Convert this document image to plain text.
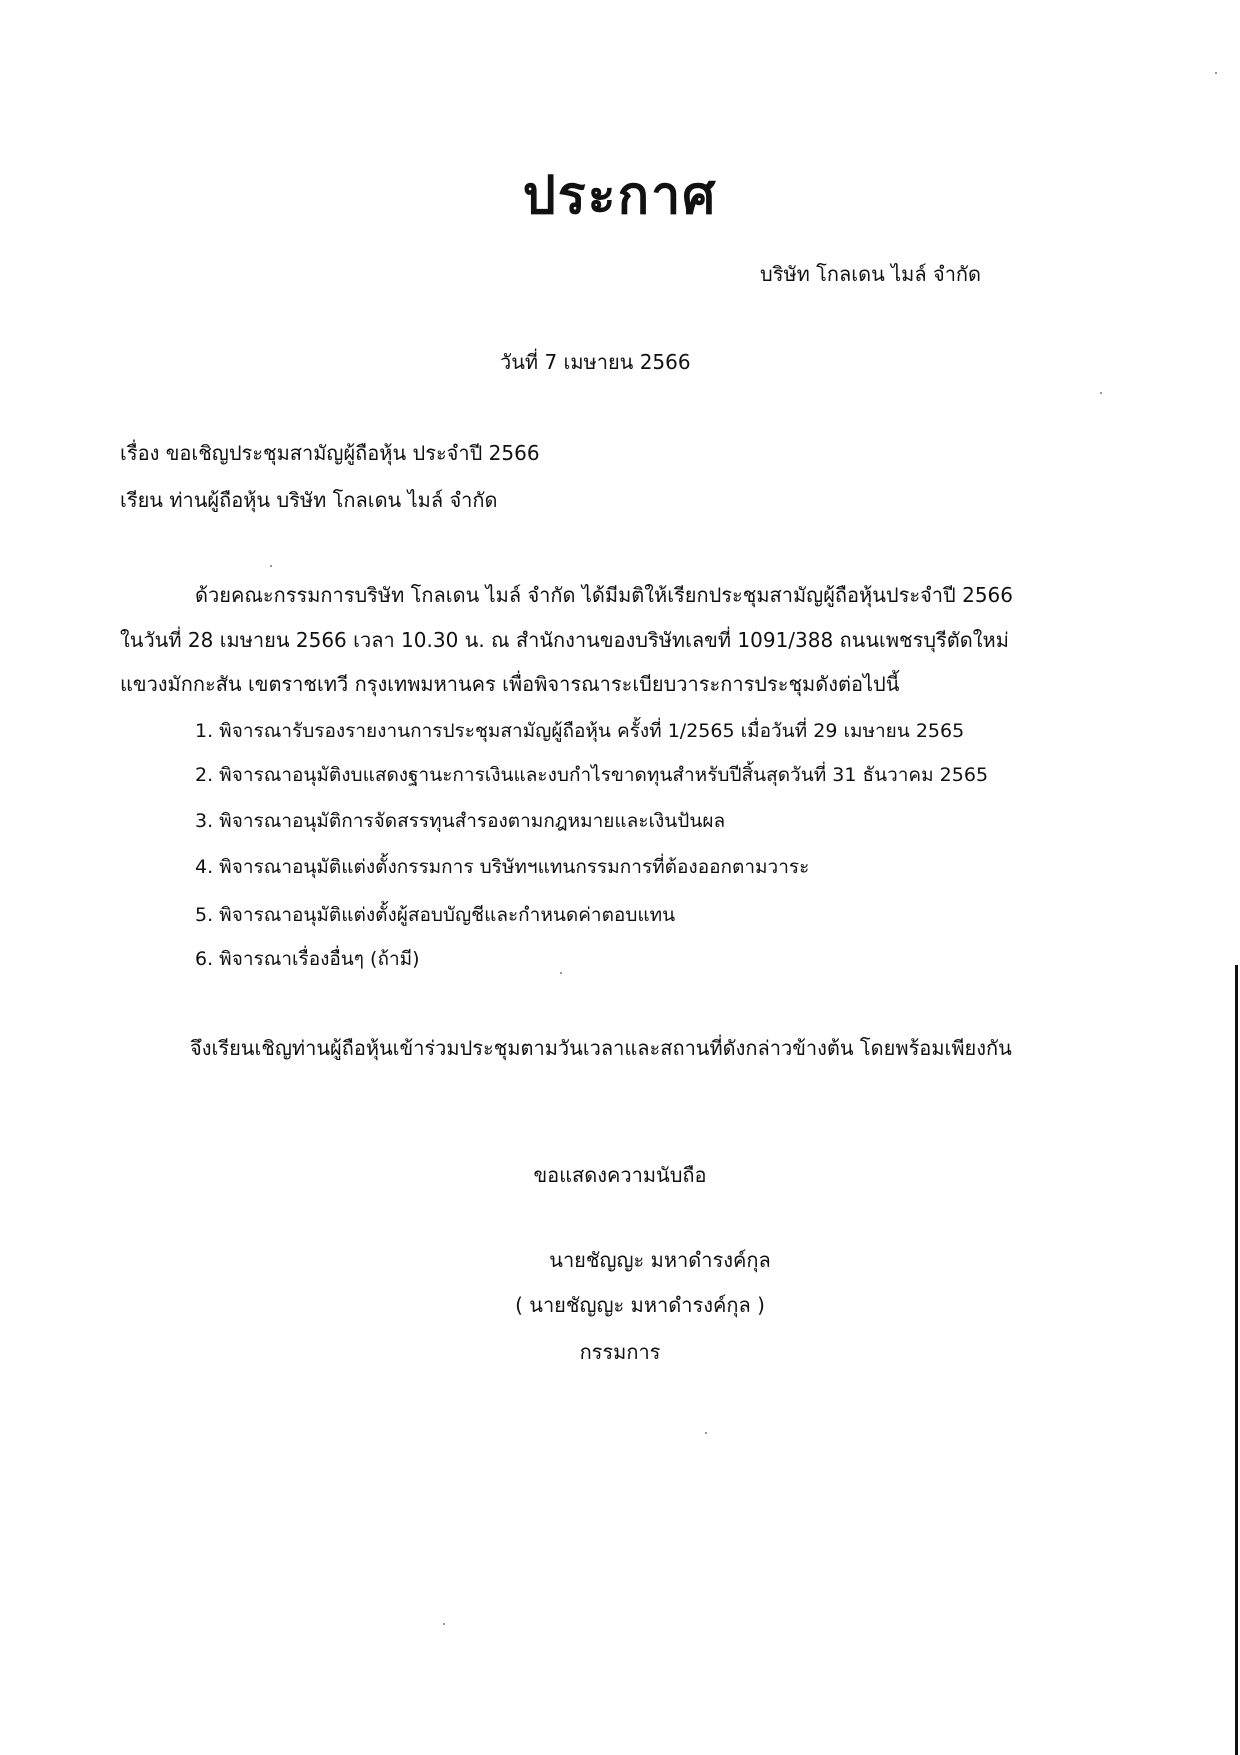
ประกาศ
บริษัท โกลเดน ไมล์ จำกัด
วันที่ 7 เมษายน 2566
เรื่อง ขอเชิญประชุมสามัญผู้ถือหุ้น ประจำปี 2566
เรียน ท่านผู้ถือหุ้น บริษัท โกลเดน ไมล์ จำกัด
ด้วยคณะกรรมการบริษัท โกลเดน ไมล์ จำกัด ได้มีมติให้เรียกประชุมสามัญผู้ถือหุ้นประจำปี 2566
ในวันที่ 28 เมษายน 2566 เวลา 10.30 น. ณ สำนักงานของบริษัทเลขที่ 1091/388 ถนนเพชรบุรีตัดใหม่
แขวงมักกะสัน เขตราชเทวี กรุงเทพมหานคร เพื่อพิจารณาระเบียบวาระการประชุมดังต่อไปนี้
1. พิจารณารับรองรายงานการประชุมสามัญผู้ถือหุ้น ครั้งที่ 1/2565 เมื่อวันที่ 29 เมษายน 2565
2. พิจารณาอนุมัติงบแสดงฐานะการเงินและงบกำไรขาดทุนสำหรับปีสิ้นสุดวันที่ 31 ธันวาคม 2565
3. พิจารณาอนุมัติการจัดสรรทุนสำรองตามกฎหมายและเงินปันผล
4. พิจารณาอนุมัติแต่งตั้งกรรมการ บริษัทฯแทนกรรมการที่ต้องออกตามวาระ
5. พิจารณาอนุมัติแต่งตั้งผู้สอบบัญชีและกำหนดค่าตอบแทน
6. พิจารณาเรื่องอื่นๆ (ถ้ามี)
จึงเรียนเชิญท่านผู้ถือหุ้นเข้าร่วมประชุมตามวันเวลาและสถานที่ดังกล่าวข้างต้น โดยพร้อมเพียงกัน
ขอแสดงความนับถือ
นายชัญญะ มหาดำรงค์กุล
( นายชัญญะ มหาดำรงค์กุล )
กรรมการ
